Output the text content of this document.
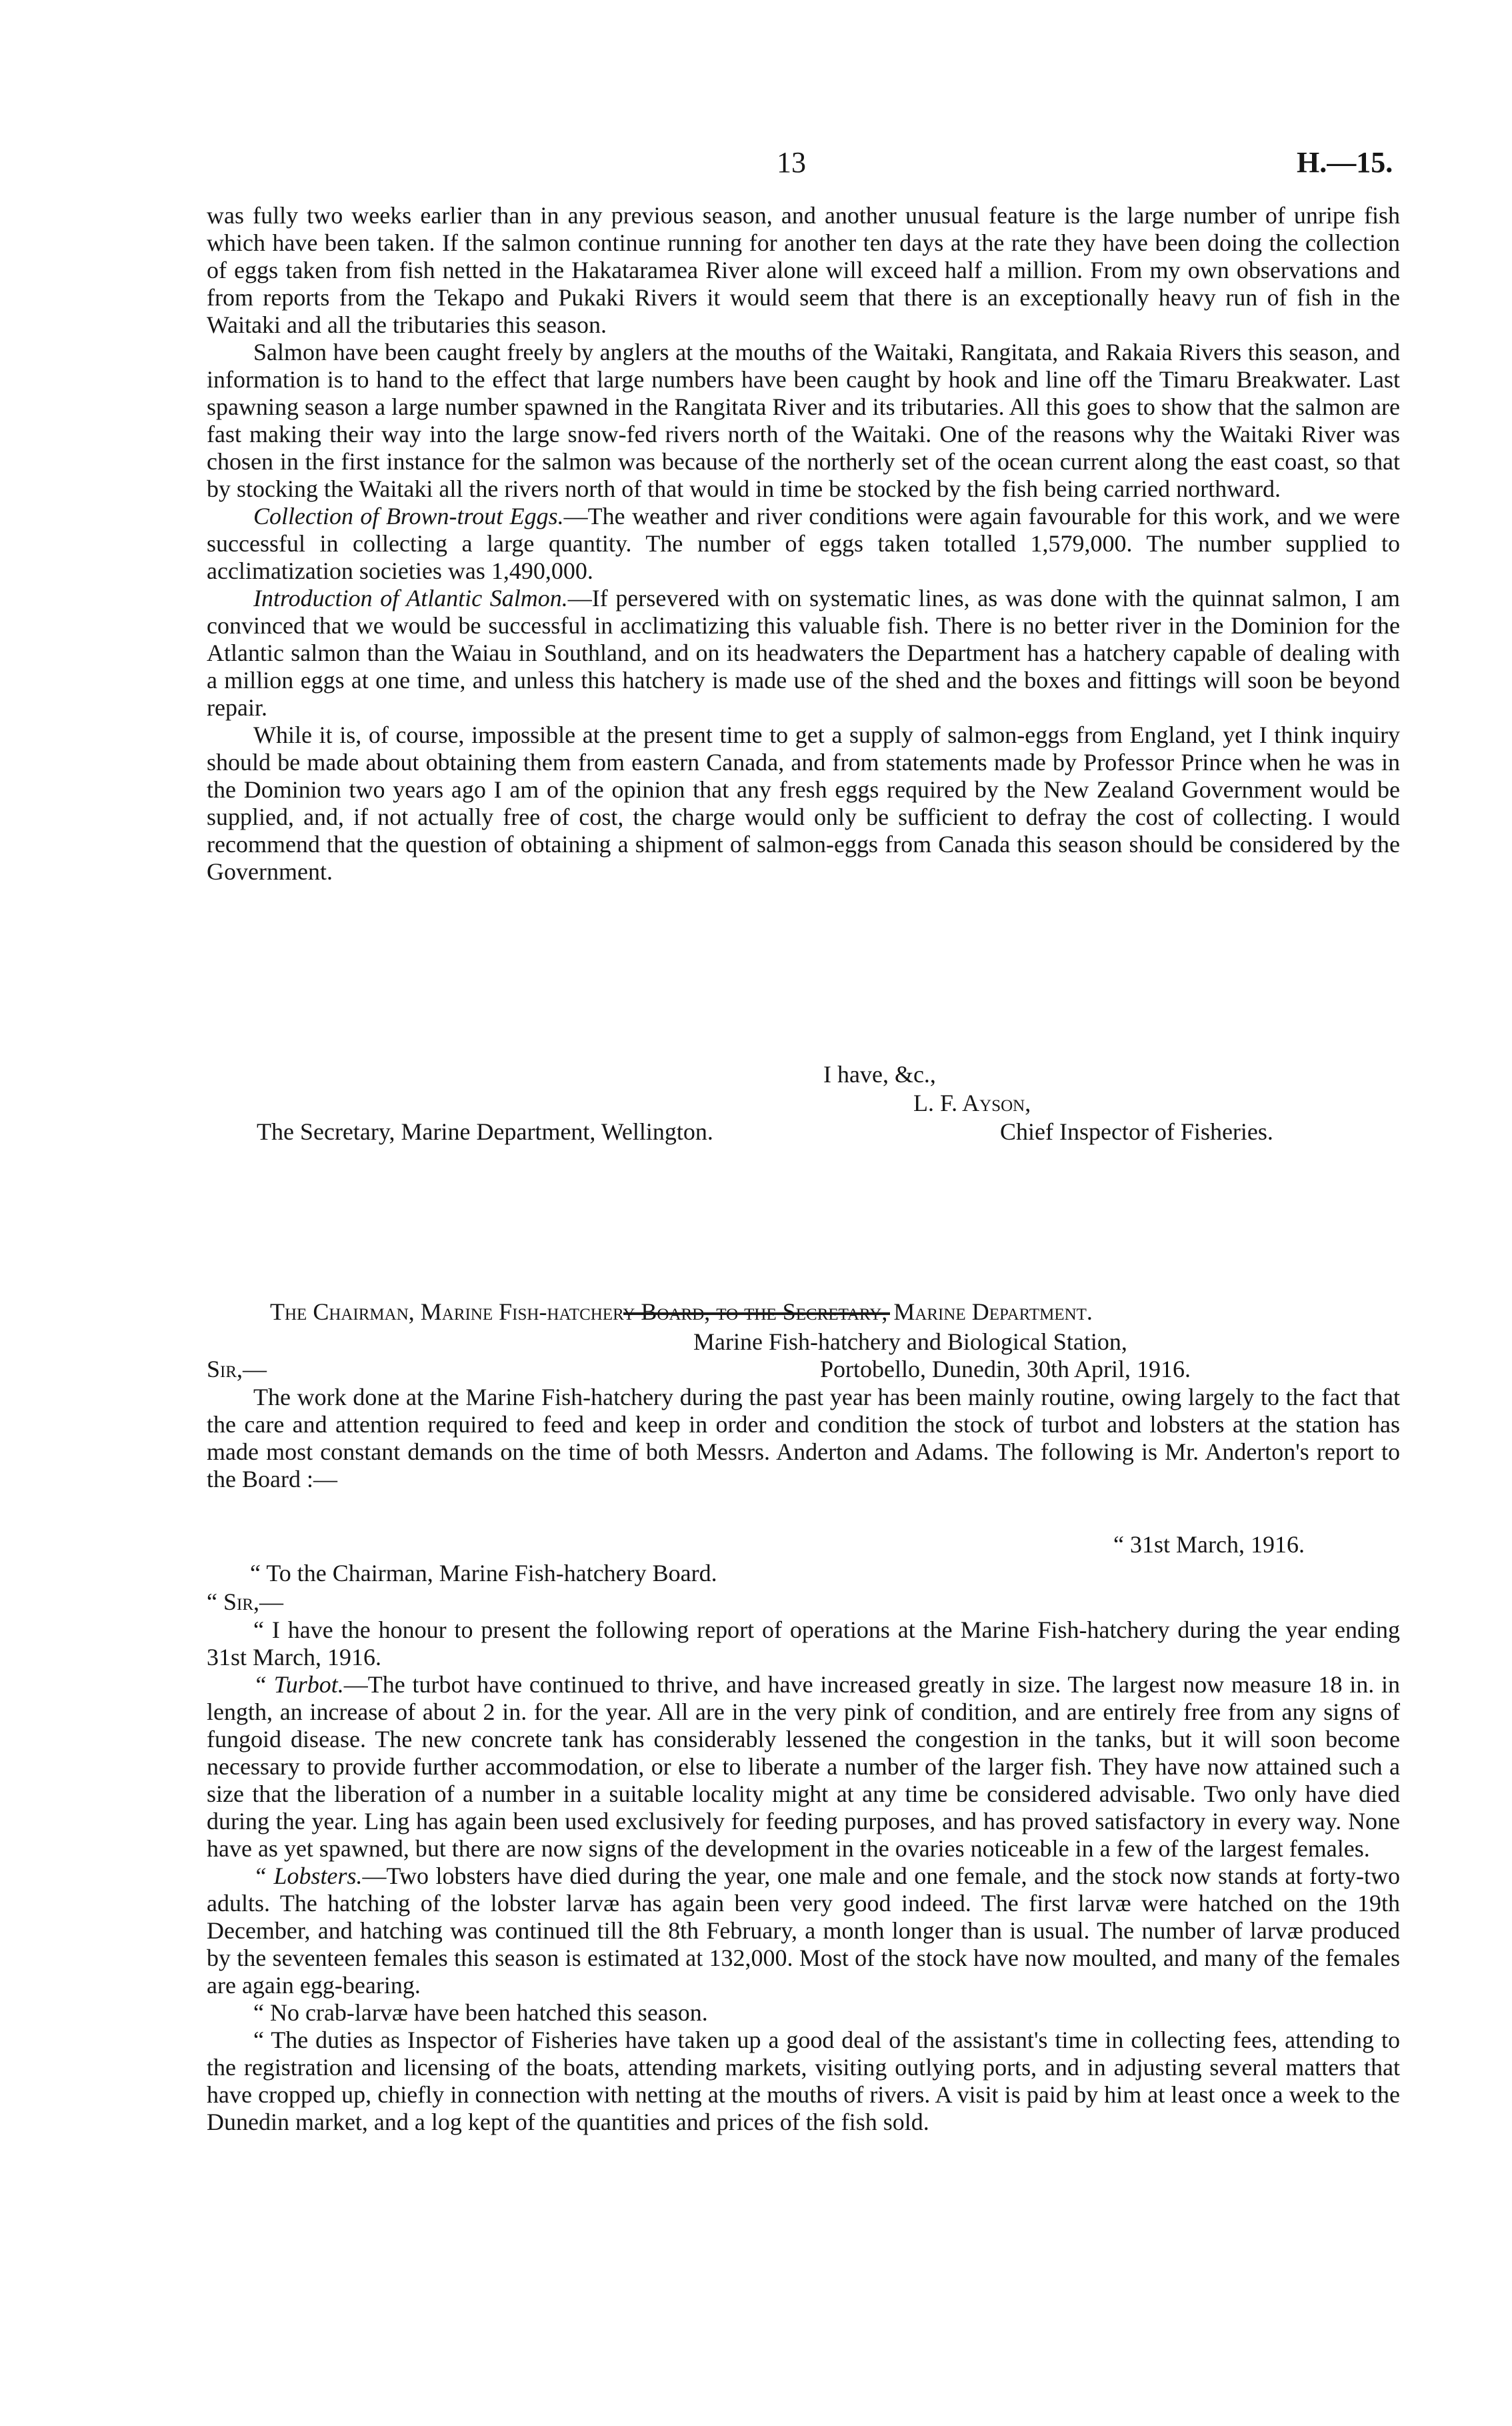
13	H.—15.

was fully two weeks earlier than in any previous season, and another unusual feature is the large number of unripe fish which have been taken. If the salmon continue running for another ten days at the rate they have been doing the collection of eggs taken from fish netted in the Hakataramea River alone will exceed half a million. From my own observations and from reports from the Tekapo and Pukaki Rivers it would seem that there is an exceptionally heavy run of fish in the Waitaki and all the tributaries this season.

Salmon have been caught freely by anglers at the mouths of the Waitaki, Rangitata, and Rakaia Rivers this season, and information is to hand to the effect that large numbers have been caught by hook and line off the Timaru Breakwater. Last spawning season a large number spawned in the Rangitata River and its tributaries. All this goes to show that the salmon are fast making their way into the large snow-fed rivers north of the Waitaki. One of the reasons why the Waitaki River was chosen in the first instance for the salmon was because of the northerly set of the ocean current along the east coast, so that by stocking the Waitaki all the rivers north of that would in time be stocked by the fish being carried northward.

Collection of Brown-trout Eggs.—The weather and river conditions were again favourable for this work, and we were successful in collecting a large quantity. The number of eggs taken totalled 1,579,000. The number supplied to acclimatization societies was 1,490,000.

Introduction of Atlantic Salmon.—If persevered with on systematic lines, as was done with the quinnat salmon, I am convinced that we would be successful in acclimatizing this valuable fish. There is no better river in the Dominion for the Atlantic salmon than the Waiau in Southland, and on its headwaters the Department has a hatchery capable of dealing with a million eggs at one time, and unless this hatchery is made use of the shed and the boxes and fittings will soon be beyond repair.

While it is, of course, impossible at the present time to get a supply of salmon-eggs from England, yet I think inquiry should be made about obtaining them from eastern Canada, and from statements made by Professor Prince when he was in the Dominion two years ago I am of the opinion that any fresh eggs required by the New Zealand Government would be supplied, and, if not actually free of cost, the charge would only be sufficient to defray the cost of collecting. I would recommend that the question of obtaining a shipment of salmon-eggs from Canada this season should be considered by the Government.

I have, &c.,
L. F. Ayson,
The Secretary, Marine Department, Wellington.	Chief Inspector of Fisheries.
The Chairman, Marine Fish-hatchery Board, to the Secretary, Marine Department.
Marine Fish-hatchery and Biological Station,
Sir,—	Portobello, Dunedin, 30th April, 1916.

The work done at the Marine Fish-hatchery during the past year has been mainly routine, owing largely to the fact that the care and attention required to feed and keep in order and condition the stock of turbot and lobsters at the station has made most constant demands on the time of both Messrs. Anderton and Adams. The following is Mr. Anderton's report to the Board :—

“ 31st March, 1916.
“ To the Chairman, Marine Fish-hatchery Board.
“ Sir,—

“ I have the honour to present the following report of operations at the Marine Fish-hatchery during the year ending 31st March, 1916.

“ Turbot.—The turbot have continued to thrive, and have increased greatly in size. The largest now measure 18 in. in length, an increase of about 2 in. for the year. All are in the very pink of condition, and are entirely free from any signs of fungoid disease. The new concrete tank has considerably lessened the congestion in the tanks, but it will soon become necessary to provide further accommodation, or else to liberate a number of the larger fish. They have now attained such a size that the liberation of a number in a suitable locality might at any time be considered advisable. Two only have died during the year. Ling has again been used exclusively for feeding purposes, and has proved satisfactory in every way. None have as yet spawned, but there are now signs of the development in the ovaries noticeable in a few of the largest females.

“ Lobsters.—Two lobsters have died during the year, one male and one female, and the stock now stands at forty-two adults. The hatching of the lobster larvæ has again been very good indeed. The first larvæ were hatched on the 19th December, and hatching was continued till the 8th February, a month longer than is usual. The number of larvæ produced by the seventeen females this season is estimated at 132,000. Most of the stock have now moulted, and many of the females are again egg-bearing.

“ No crab-larvæ have been hatched this season.

“ The duties as Inspector of Fisheries have taken up a good deal of the assistant's time in collecting fees, attending to the registration and licensing of the boats, attending markets, visiting outlying ports, and in adjusting several matters that have cropped up, chiefly in connection with netting at the mouths of rivers. A visit is paid by him at least once a week to the Dunedin market, and a log kept of the quantities and prices of the fish sold.
